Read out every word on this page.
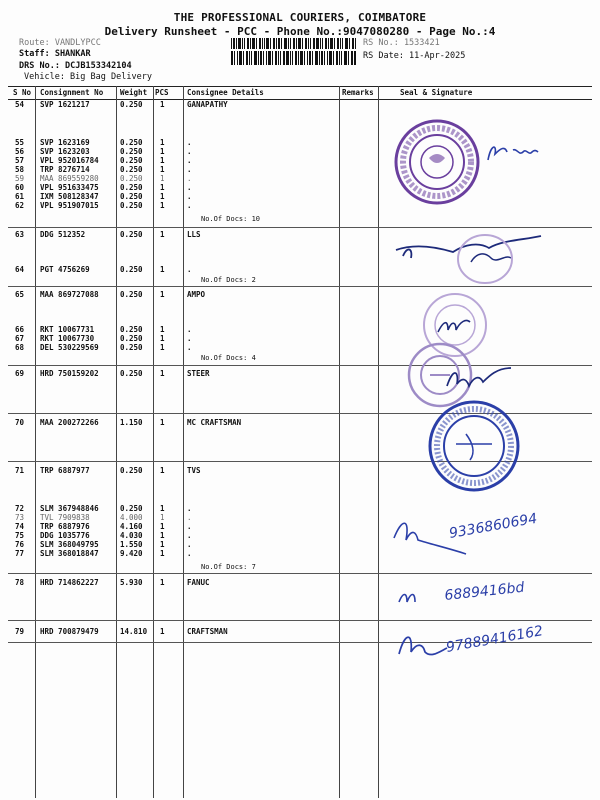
THE PROFESSIONAL COURIERS, COIMBATORE
Delivery Runsheet - PCC - Phone No.:9047080280 - Page No.:4
Route: VANDLYPCC
Staff: SHANKAR
DRS No.: DCJB153342104
Vehicle: Big Bag Delivery
RS No.: 1533421
RS Date: 11-Apr-2025
S No Consignment No Weight PCS Consignee Details	Remarks	Seal & Signature
54 SVP 1621217	0.250 1	GANAPATHY
55 SVP 1623169	0.250 1	.
56 SVP 1623203	0.250 1	.
57 VPL 952016784	0.250 1	.
58 TRP 8276714	0.250 1	.
59 MAA 869559280	0.250 1	.
60 VPL 951633475	0.250 1	.
61 IXM 508128347	0.250 1	.
62 VPL 951907015	0.250 1	.
63 DDG 512352	0.250 1	LLS
64 PGT 4756269	0.250 1	.
65 MAA 869727088	0.250 1	AMPO
66 RKT 10067731	0.250 1	.
67 RKT 10067730	0.250 1	.
68 DEL 530229569	0.250 1	.
69 HRD 750159202	0.250 1	STEER
70 MAA 200272266	1.150 1	MC CRAFTSMAN
71 TRP 6887977	0.250 1	TVS
72 SLM 367948846	0.250 1	.
73 TVL 7909838	4.000 1	.
74 TRP 6887976	4.160 1	.
75 DDG 1035776	4.030 1	.
76 SLM 368049795	1.550 1	.
77 SLM 368018847	9.420 1	.
78 HRD 714862227	5.930 1	FANUC
79 HRD 700879479	14.810 1	CRAFTSMAN
No.Of Docs: 10
No.Of Docs: 2
No.Of Docs: 4
No.Of Docs: 7
9336860694
6889416bd
97889416162
